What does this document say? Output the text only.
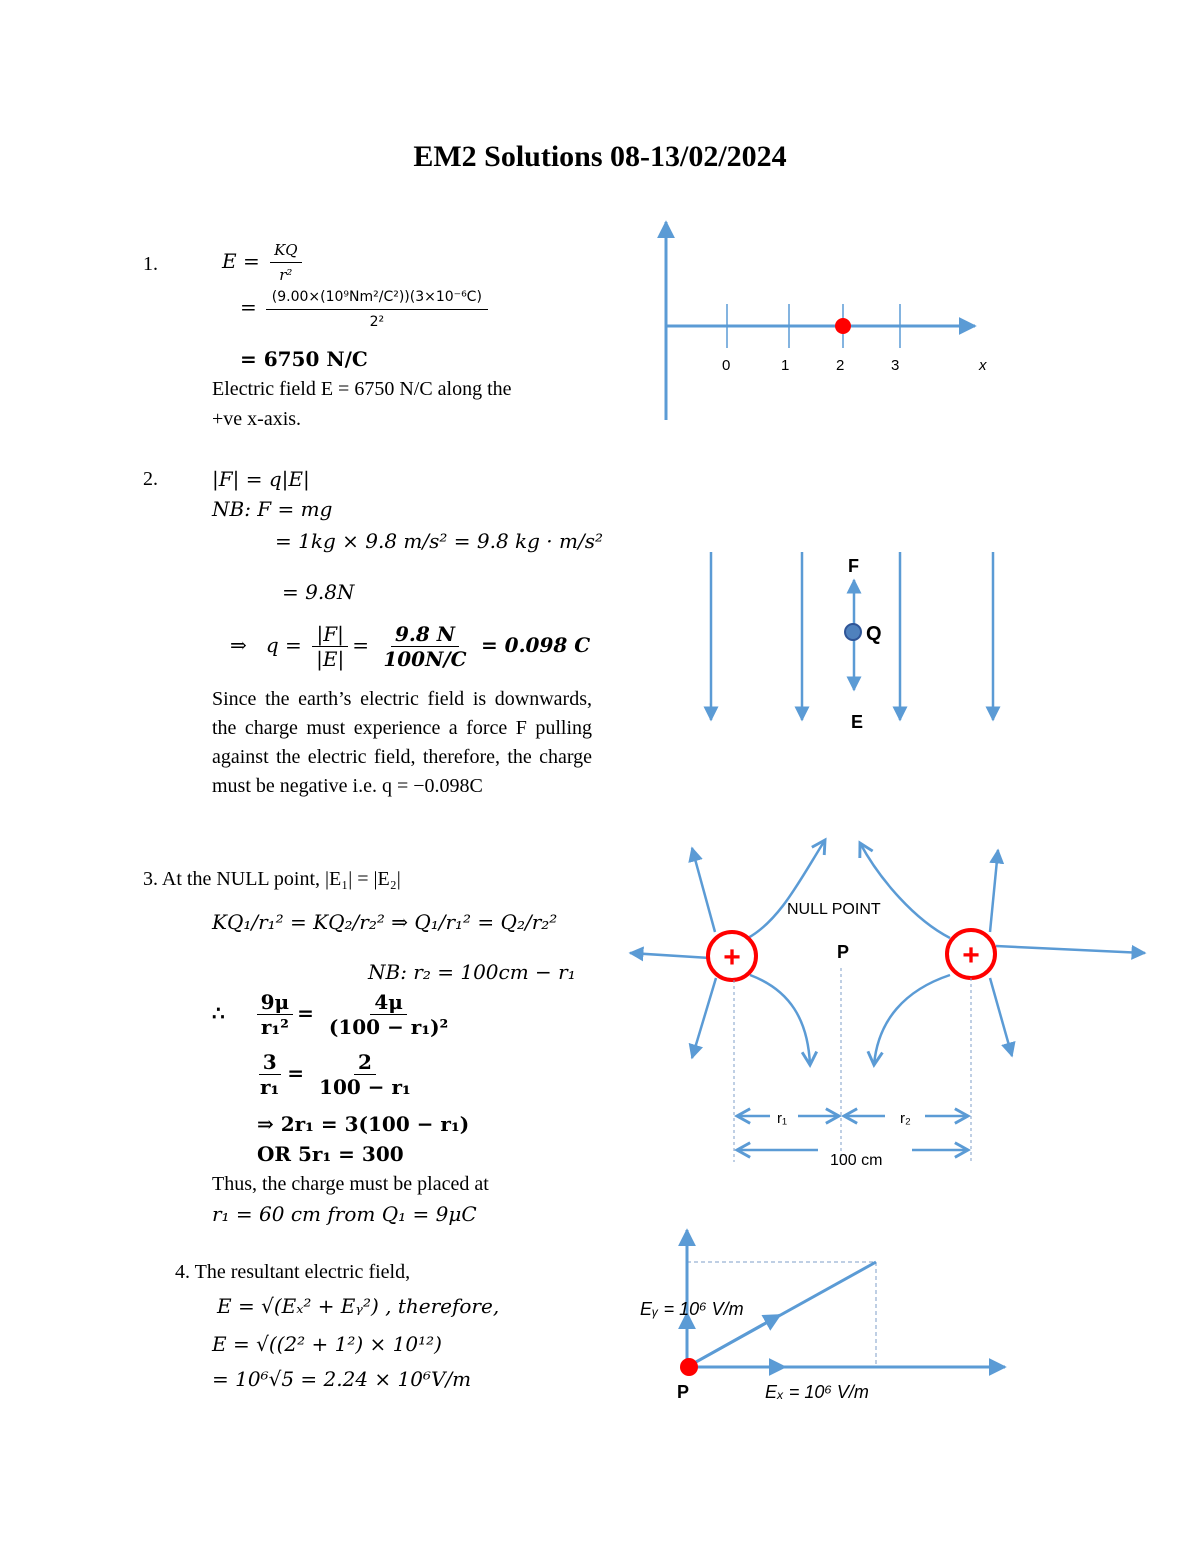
EM2 Solutions 08-13/02/2024
1.	$E = \frac{KQ}{\text{r²}}$
= $\frac{\text{(9.00×(10⁹Nm²/C²))(3×10⁻⁶C)}}{\text{2²}}$
= 6750 N/C
Electric field E = 6750 N/C along the
+ve x-axis.
2.	|F| = q|E|
NB: F = mg
= 1kg × 9.8 m/s² = 9.8 kg · m/s²
= 9.8N
⇒ $q = \frac{|F|}{|E|} = \frac{9.8 N}{100N/C} = 0.098$ C
Since the earth’s electric field is downwards, the charge must experience a force F pulling against the electric field, therefore, the charge must be negative i.e. q = −0.098C
3. At the NULL point, |E₁| = |E₂|
KQ₁/r₁² = KQ₂/r₂² ⇒ Q₁/r₁² = Q₂/r₂²
NB: r₂ = 100cm − r₁
∴ $\frac{9\mu}{\text{r₁²}} = \frac{4\mu}{\text{(100 − r₁)²}}$
$\frac{3}{\text{r₁}} = \frac{2}{\text{100 − r₁}}$
⇒ 2r₁ = 3(100 − r₁)
OR 5r₁ = 300
Thus, the charge must be placed at
r₁ = 60 cm from Q₁ = 9μC
4. The resultant electric field,
E = √(Eₓ² + Eᵧ²) , therefore,
E = √((2² + 1²) × 10¹²)
= 10⁶√5 = 2.24 × 10⁶V/m
0	1	2	3	x
F
Q
E
+	+
NULL POINT
P
r₁	r₂
100 cm
P
Eᵧ = 10⁶ V/m
Eₓ = 10⁶ V/m
